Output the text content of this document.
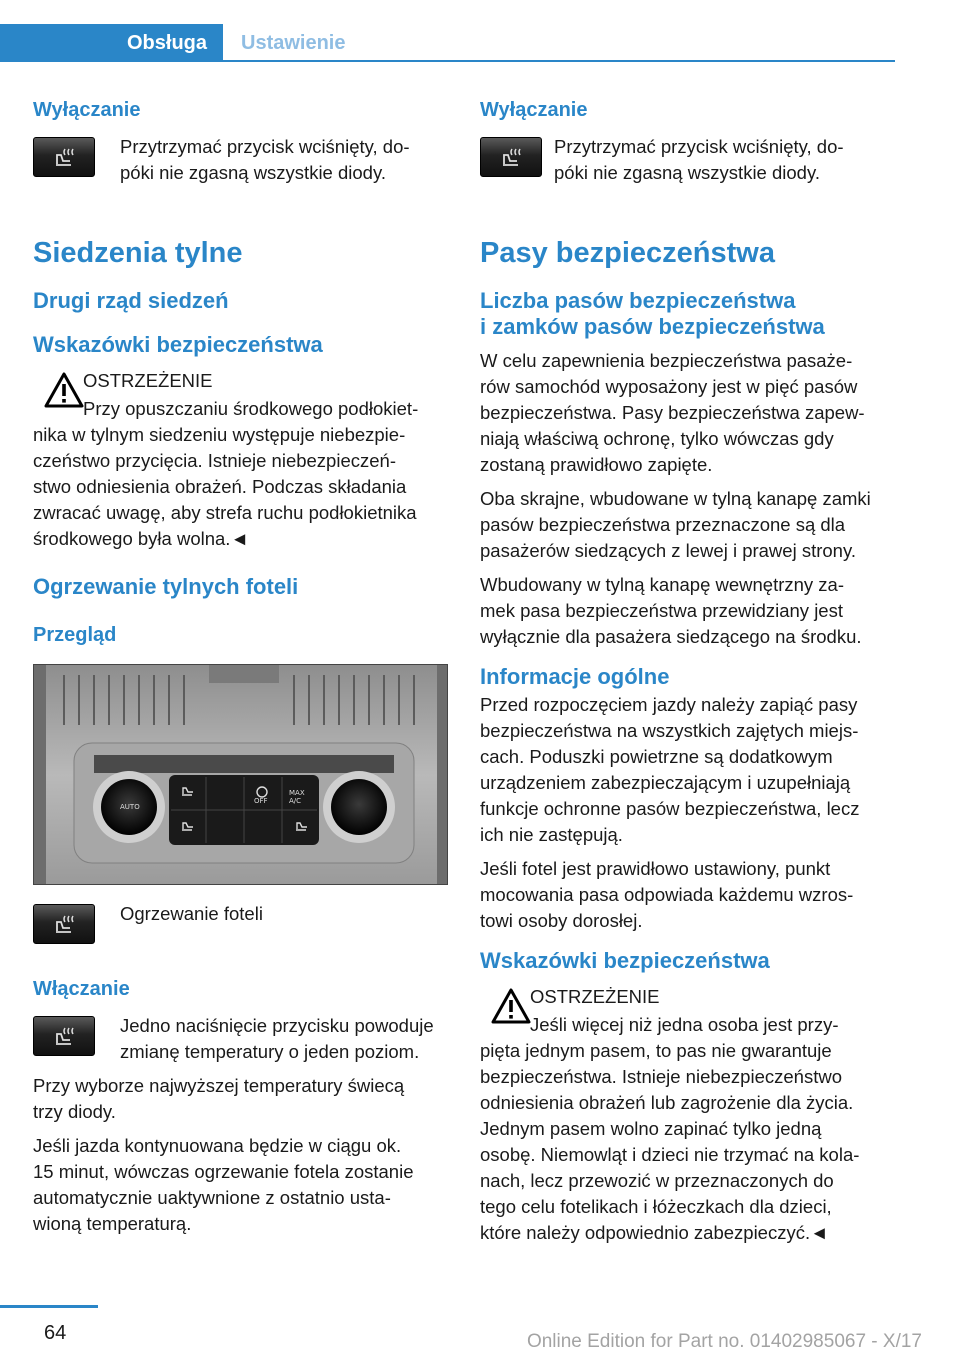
Obsługa	Ustawienie
Wyłączanie
Przytrzymać przycisk wciśnięty, do-
póki nie zgasną wszystkie diody.
Siedzenia tylne
Drugi rząd siedzeń
Wskazówki bezpieczeństwa
OSTRZEŻENIE
Przy opuszczaniu środkowego podłokiet-
nika w tylnym siedzeniu występuje niebezpie-
czeństwo przycięcia. Istnieje niebezpieczeń-
stwo odniesienia obrażeń. Podczas składania
zwracać uwagę, aby strefa ruchu podłokietnika
środkowego była wolna.◄
Ogrzewanie tylnych foteli
Przegląd
AUTO
OFF
MAX
A/C
Ogrzewanie foteli
Włączanie
Jedno naciśnięcie przycisku powoduje
zmianę temperatury o jeden poziom.
Przy wyborze najwyższej temperatury świecą
trzy diody.
Jeśli jazda kontynuowana będzie w ciągu ok.
15 minut, wówczas ogrzewanie fotela zostanie
automatycznie uaktywnione z ostatnio usta-
wioną temperaturą.
Wyłączanie
Przytrzymać przycisk wciśnięty, do-
póki nie zgasną wszystkie diody.
Pasy bezpieczeństwa
Liczba pasów bezpieczeństwa
i zamków pasów bezpieczeństwa
W celu zapewnienia bezpieczeństwa pasaże-
rów samochód wyposażony jest w pięć pasów
bezpieczeństwa. Pasy bezpieczeństwa zapew-
niają właściwą ochronę, tylko wówczas gdy
zostaną prawidłowo zapięte.
Oba skrajne, wbudowane w tylną kanapę zamki
pasów bezpieczeństwa przeznaczone są dla
pasażerów siedzących z lewej i prawej strony.
Wbudowany w tylną kanapę wewnętrzny za-
mek pasa bezpieczeństwa przewidziany jest
wyłącznie dla pasażera siedzącego na środku.
Informacje ogólne
Przed rozpoczęciem jazdy należy zapiąć pasy
bezpieczeństwa na wszystkich zajętych miejs-
cach. Poduszki powietrzne są dodatkowym
urządzeniem zabezpieczającym i uzupełniają
funkcje ochronne pasów bezpieczeństwa, lecz
ich nie zastępują.
Jeśli fotel jest prawidłowo ustawiony, punkt
mocowania pasa odpowiada każdemu wzros-
towi osoby dorosłej.
Wskazówki bezpieczeństwa
OSTRZEŻENIE
Jeśli więcej niż jedna osoba jest przy-
pięta jednym pasem, to pas nie gwarantuje
bezpieczeństwa. Istnieje niebezpieczeństwo
odniesienia obrażeń lub zagrożenie dla życia.
Jednym pasem wolno zapinać tylko jedną
osobę. Niemowląt i dzieci nie trzymać na kola-
nach, lecz przewozić w przeznaczonych do
tego celu fotelikach i łóżeczkach dla dzieci,
które należy odpowiednio zabezpieczyć.◄
64	Online Edition for Part no. 01402985067 - X/17
